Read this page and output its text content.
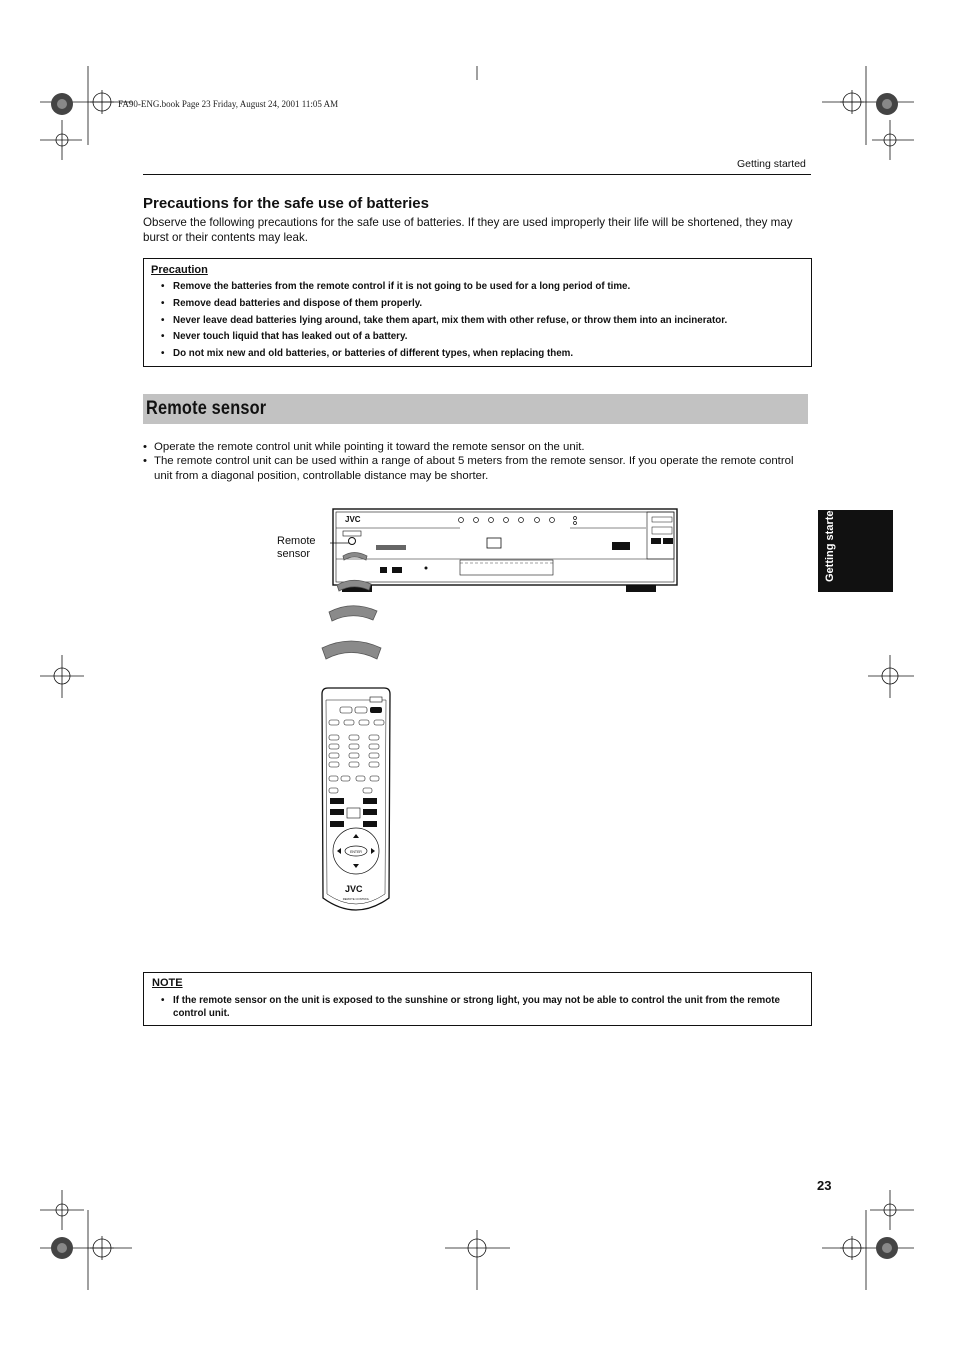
FA90-ENG.book Page 23 Friday, August 24, 2001 11:05 AM
Getting started
Precautions for the safe use of batteries
Observe the following precautions for the safe use of batteries. If they are used improperly their life will be shortened, they may burst or their contents may leak.
Precaution
• Remove the batteries from the remote control if it is not going to be used for a long period of time.
• Remove dead batteries and dispose of them properly.
• Never leave dead batteries lying around, take them apart, mix them with other refuse, or throw them into an incinerator.
• Never touch liquid that has leaked out of a battery.
• Do not mix new and old batteries, or batteries of different types, when replacing them.
Remote sensor
• Operate the remote control unit while pointing it toward the remote sensor on the unit.
• The remote control unit can be used within a range of about 5 meters from the remote sensor. If you operate the remote control unit from a diagonal position, controllable distance may be shorter.
Getting started
JVC
ENTER
JVC
REMOTE CONTROL
Remote
sensor
NOTE
• If the remote sensor on the unit is exposed to the sunshine or strong light, you may not be able to control the unit from the remote control unit.
23
